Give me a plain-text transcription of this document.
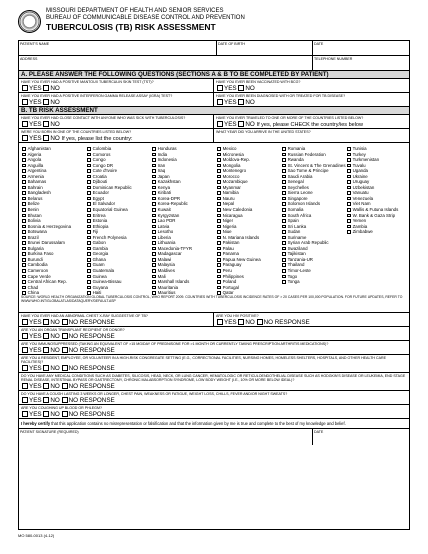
MISSOURI DEPARTMENT OF HEALTH AND SENIOR SERVICES
BUREAU OF COMMUNICABLE DISEASE CONTROL AND PREVENTION
TUBERCULOSIS (TB) RISK ASSESSMENT
PATIENT'S NAME	DATE OF BIRTH	DATE
ADDRESS	TELEPHONE NUMBER
A. PLEASE ANSWER THE FOLLOWING QUESTIONS (SECTIONS A & B TO BE COMPLETED BY PATIENT)
HAVE YOU EVER HAD A POSITIVE MANTOUX TUBERCULIN SKIN TEST (TST)?
YES NO
HAVE YOU EVER BEEN VACCINATED WITH BCG?
YES NO
HAVE YOU EVER HAD A POSITIVE INTERFERON GAMMA RELEASE ASSAY (IGRA) TEST?
YES NO
HAVE YOU EVER BEEN DIAGNOSED WITH OR TREATED FOR TB DISEASE?
YES NO
B. TB RISK ASSESSMENT
HAVE YOU EVER HAD CLOSE CONTACT WITH ANYONE WHO WAS SICK WITH TUBERCULOSIS?
YES NO
HAVE YOU EVER TRAVELED TO ONE OR MORE OF THE COUNTRIES LISTED BELOW?
YES NO If yes, please CHECK the country/ies below
WERE YOU BORN IN ONE OF THE COUNTRIES LISTED BELOW?
YES NO If yes, please list the country:
WHAT YEAR DID YOU ARRIVE IN THE UNITED STATES?
Afghanistan
Algeria
Angola
Anguilla
Argentina
Armenia
Bahamas
Bahrain
Bangladesh
Belarus
Belize
Benin
Bhutan
Bolivia
Bosnia & Herzegovina
Botswana
Brazil
Brunei Darussalam
Bulgaria
Burkina Faso
Burundi
Cambodia
Cameroon
Cape Verde
Central African Rep.
Chad
China
Colombia
Comoros
Congo
Congo DR
Cote d'Ivoire
Croatia
Djibouti
Dominican Republic
Ecuador
Egypt
El Salvador
Equatorial Guinea
Eritrea
Estonia
Ethiopia
Fiji
French Polynesia
Gabon
Gambia
Georgia
Ghana
Guam
Guatemala
Guinea
Guinea-Bissau
Guyana
Haiti
Honduras
India
Indonesia
Iran
Iraq
Japan
Kazakhstan
Kenya
Kiribati
Korea-DPR
Korea-Republic
Kuwait
Kyrgyzstan
Lao PDR
Latvia
Lesotho
Liberia
Lithuania
Macedonia-TFYR
Madagascar
Malawi
Malaysia
Maldives
Mali
Marshall Islands
Mauritania
Mauritius
Mexico
Micronesia
Moldova-Rep.
Mongolia
Montenegro
Morocco
Mozambique
Myanmar
Namibia
Nauru
Nepal
New Caledonia
Nicaragua
Niger
Nigeria
Niue
N. Mariana Islands
Pakistan
Palau
Panama
Papua New Guinea
Paraguay
Peru
Philippines
Poland
Portugal
Qatar
Romania
Russian Federation
Rwanda
St. Vincent & The Grenadines
Sao Tome & Principe
Saudi Arabia
Senegal
Seychelles
Sierra Leone
Singapore
Solomon Islands
Somalia
South Africa
Spain
Sri Lanka
Sudan
Suriname
Syrian Arab Republic
Swaziland
Tajikistan
Tanzania-UR
Thailand
Timor-Leste
Togo
Tonga
Tunisia
Turkey
Turkmenistan
Tuvalu
Uganda
Ukraine
Uruguay
Uzbekistan
Vanuatu
Venezuela
Viet Nam
Wallis & Futuna Islands
W. Bank & Gaza Strip
Yemen
Zambia
Zimbabwe
SOURCE: WORLD HEALTH ORGANIZATION GLOBAL TUBERCULOSIS CONTROL, WHO REPORT 2009. COUNTRIES WITH TUBERCULOSIS INCIDENCE RATES OF > 20 CASES PER 100,000 POPULATION. FOR FUTURE UPDATES, REFER TO WWW.WHO.INT/GLOBALATLAS/DATAQUERY/DEFAULT.ASP
HAVE YOU EVER HAD AN ABNORMAL CHEST X-RAY SUGGESTIVE OF TB?
YES NO NO RESPONSE
ARE YOU HIV POSITIVE?
YES NO NO RESPONSE
ARE YOU AN ORGAN TRANSPLANT RECIPIENT OR DONOR?
YES NO NO RESPONSE
ARE YOU IMMUNOSUPPRESSED (TAKING AN EQUIVALENT OF >15 MG/DAY OF PREDNISONE FOR >1 MONTH OR CURRENTLY TAKING PRESCRIPTION ARTHRITIS MEDICATIONS)?
YES NO NO RESPONSE
ARE YOU A RESIDENT, EMPLOYEE, OR VOLUNTEER IN A HIGH-RISK CONGREGATE SETTING (E.G., CORRECTIONAL FACILITIES, NURSING HOMES, HOMELESS SHELTERS, HOSPITALS, AND OTHER HEALTH CARE FACILITIES)?
YES NO NO RESPONSE
DO YOU HAVE ANY MEDICAL CONDITIONS SUCH AS DIABETES, SILICOSIS, HEAD, NECK, OR LUNG CANCER, HEMATOLOGIC OR RETICULOENDOTHELIAL DISEASE SUCH AS HODGKIN'S DISEASE OR LEUKEMIA, END STAGE RENAL DISEASE, INTESTINAL BYPASS OR GASTRECTOMY, CHRONIC MALABSORPTION SYNDROME, LOW BODY WEIGHT (I.E., 10% OR MORE BELOW IDEAL)?
YES NO NO RESPONSE
DO YOU HAVE A COUGH LASTING 3 WEEKS OR LONGER, CHEST PAIN, WEAKNESS OR FATIGUE, WEIGHT LOSS, CHILLS, FEVER AND/OR NIGHT SWEATS?
YES NO NO RESPONSE
ARE YOU COUGHING UP BLOOD OR PHLEGM?
YES NO NO RESPONSE
I hereby certify that this application contains no misrepresentation or falsification and that the information given by me is true and complete to the best of my knowledge and belief.
PATIENT SIGNATURE (REQUIRED)	DATE
MO 580-0013 (4-12)
